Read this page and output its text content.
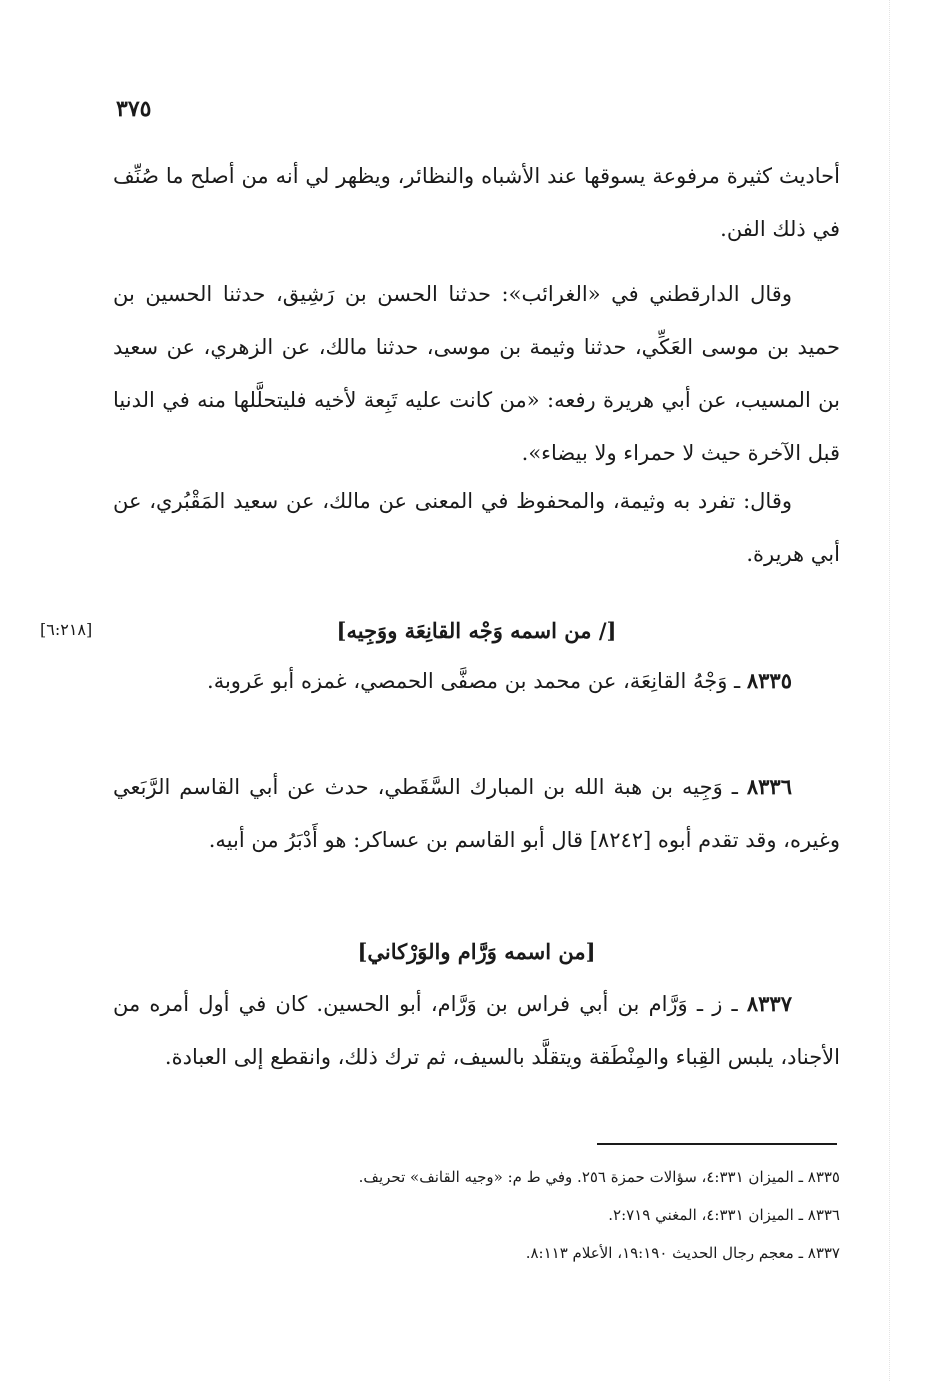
٣٧٥
أحاديث كثيرة مرفوعة يسوقها عند الأشباه والنظائر، ويظهر لي أنه من أصلح ما صُنِّف في ذلك الفن.
وقال الدارقطني في «الغرائب»: حدثنا الحسن بن رَشِيق، حدثنا الحسين بن حميد بن موسى العَكِّي، حدثنا وثيمة بن موسى، حدثنا مالك، عن الزهري، عن سعيد بن المسيب، عن أبي هريرة رفعه: «من كانت عليه تَبِعة لأخيه فليتحلَّلها منه في الدنيا قبل الآخرة حيث لا حمراء ولا بيضاء».
وقال: تفرد به وثيمة، والمحفوظ في المعنى عن مالك، عن سعيد المَقْبُري، عن أبي هريرة.
[/ من اسمه وَجْه القانِعَة ووَجِيه]
[٦:٢١٨]
٨٣٣٥ ـ وَجْهُ القانِعَة، عن محمد بن مصفَّى الحمصي، غمزه أبو عَروبة.
٨٣٣٦ ـ وَجِيه بن هبة الله بن المبارك السَّقَطي، حدث عن أبي القاسم الرَّبَعي وغيره، وقد تقدم أبوه [٨٢٤٢] قال أبو القاسم بن عساكر: هو أَدْبَرُ من أبيه.
[من اسمه وَرَّام والوَرْكاني]
٨٣٣٧ ـ ز ـ وَرَّام بن أبي فراس بن وَرَّام، أبو الحسين. كان في أول أمره من الأجناد، يلبس القِباء والمِنْطَقة ويتقلَّد بالسيف، ثم ترك ذلك، وانقطع إلى العبادة.
٨٣٣٥ ـ الميزان ٤:٣٣١، سؤالات حمزة ٢٥٦. وفي ط م: «وجيه القانف» تحريف.
٨٣٣٦ ـ الميزان ٤:٣٣١، المغني ٢:٧١٩.
٨٣٣٧ ـ معجم رجال الحديث ١٩:١٩٠، الأعلام ٨:١١٣.
